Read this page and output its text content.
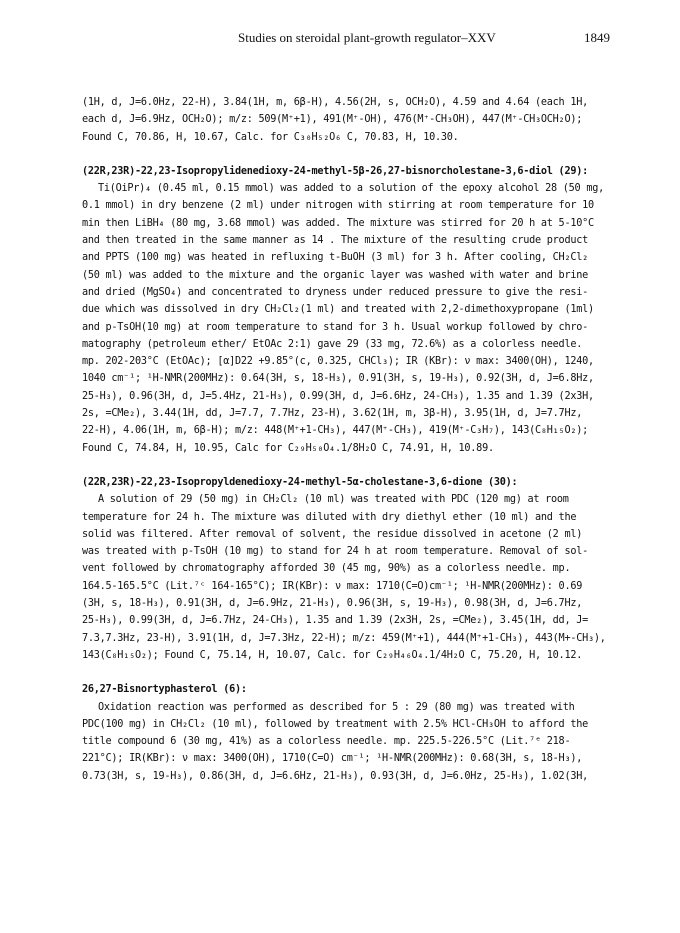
Studies on steroidal plant-growth regulator–XXV	1849
(1H, d, J=6.0Hz, 22-H), 3.84(1H, m, 6β-H), 4.56(2H, s, OCH₂O), 4.59 and 4.64 (each 1H,
each d, J=6.9Hz, OCH₂O); m/z: 509(M⁺+1), 491(M⁺-OH), 476(M⁺-CH₃OH), 447(M⁺-CH₃OCH₂O);
Found C, 70.86, H, 10.67, Calc. for C₃₀H₅₂O₆ C, 70.83, H, 10.30.
(22R,23R)-22,23-Isopropylidenedioxy-24-methyl-5β-26,27-bisnorcholestane-3,6-diol (29):
Ti(OiPr)₄ (0.45 ml, 0.15 mmol) was added to a solution of the epoxy alcohol 28 (50 mg,
0.1 mmol) in dry benzene (2 ml) under nitrogen with stirring at room temperature for 10
min then LiBH₄ (80 mg, 3.68 mmol) was added. The mixture was stirred for 20 h at 5-10°C
and then treated in the same manner as 14 . The mixture of the resulting crude product
and PPTS (100 mg) was heated in refluxing t-BuOH (3 ml) for 3 h. After cooling, CH₂Cl₂
(50 ml) was added to the mixture and the organic layer was washed with water and brine
and dried (MgSO₄) and concentrated to dryness under reduced pressure to give the resi-
due which was dissolved in dry CH₂Cl₂(1 ml) and treated with 2,2-dimethoxypropane (1ml)
and p-TsOH(10 mg) at room temperature to stand for 3 h. Usual workup followed by chro-
matography (petroleum ether/ EtOAc 2:1) gave 29 (33 mg, 72.6%) as a colorless needle.
mp. 202-203°C (EtOAc); [α]D22 +9.85°(c, 0.325, CHCl₃); IR (KBr): ν max: 3400(OH), 1240,
1040 cm⁻¹; ¹H-NMR(200MHz): 0.64(3H, s, 18-H₃), 0.91(3H, s, 19-H₃), 0.92(3H, d, J=6.8Hz,
25-H₃), 0.96(3H, d, J=5.4Hz, 21-H₃), 0.99(3H, d, J=6.6Hz, 24-CH₃), 1.35 and 1.39 (2x3H,
2s, =CMe₂), 3.44(1H, dd, J=7.7, 7.7Hz, 23-H), 3.62(1H, m, 3β-H), 3.95(1H, d, J=7.7Hz,
22-H), 4.06(1H, m, 6β-H); m/z: 448(M⁺+1-CH₃), 447(M⁺-CH₃), 419(M⁺-C₃H₇), 143(C₈H₁₅O₂);
Found C, 74.84, H, 10.95, Calc for C₂₉H₅₀O₄.1/8H₂O C, 74.91, H, 10.89.
(22R,23R)-22,23-Isopropyldenedioxy-24-methyl-5α-cholestane-3,6-dione (30):
A solution of 29 (50 mg) in CH₂Cl₂ (10 ml) was treated with PDC (120 mg) at room
temperature for 24 h. The mixture was diluted with dry diethyl ether (10 ml) and the
solid was filtered. After removal of solvent, the residue dissolved in acetone (2 ml)
was treated with p-TsOH (10 mg) to stand for 24 h at room temperature. Removal of sol-
vent followed by chromatography afforded 30 (45 mg, 90%) as a colorless needle. mp.
164.5-165.5°C (Lit.⁷ᶜ 164-165°C); IR(KBr): ν max: 1710(C=O)cm⁻¹; ¹H-NMR(200MHz): 0.69
(3H, s, 18-H₃), 0.91(3H, d, J=6.9Hz, 21-H₃), 0.96(3H, s, 19-H₃), 0.98(3H, d, J=6.7Hz,
25-H₃), 0.99(3H, d, J=6.7Hz, 24-CH₃), 1.35 and 1.39 (2x3H, 2s, =CMe₂), 3.45(1H, dd, J=
7.3,7.3Hz, 23-H), 3.91(1H, d, J=7.3Hz, 22-H); m/z: 459(M⁺+1), 444(M⁺+1-CH₃), 443(M+-CH₃),
143(C₈H₁₅O₂); Found C, 75.14, H, 10.07, Calc. for C₂₉H₄₆O₄.1/4H₂O C, 75.20, H, 10.12.
26,27-Bisnortyphasterol (6):
Oxidation reaction was performed as described for 5 : 29 (80 mg) was treated with
PDC(100 mg) in CH₂Cl₂ (10 ml), followed by treatment with 2.5% HCl-CH₃OH to afford the
title compound 6 (30 mg, 41%) as a colorless needle. mp. 225.5-226.5°C (Lit.⁷ᵉ 218-
221°C); IR(KBr): ν max: 3400(OH), 1710(C=O) cm⁻¹; ¹H-NMR(200MHz): 0.68(3H, s, 18-H₃),
0.73(3H, s, 19-H₃), 0.86(3H, d, J=6.6Hz, 21-H₃), 0.93(3H, d, J=6.0Hz, 25-H₃), 1.02(3H,
